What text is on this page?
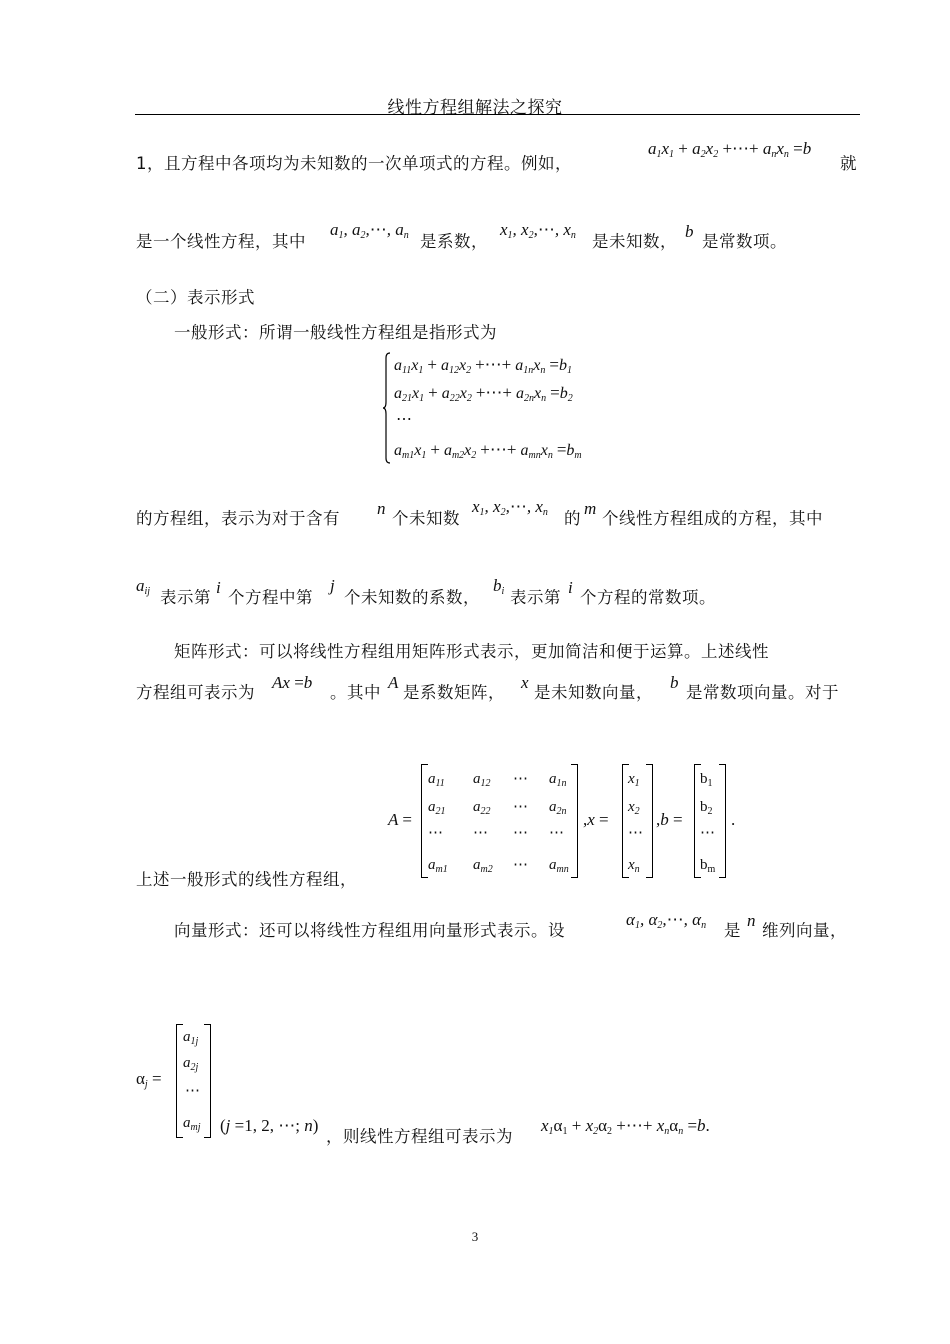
线性方程组解法之探究
1，且方程中各项均为未知数的一次单项式的方程。例如，
$a_1x_1 + a_2x_2$ +⋯+ $a_nx_n =b$
就
是一个线性方程，其中
$a_1$, $a_2,\cdots$, $a_n$ 是系数，
$x_1$, $x_2,\cdots$, $x_n$ 是未知数，
b
是常数项。
（二）表示形式
一般形式：所谓一般线性方程组是指形式为
$a_{11}x_1 + a_{12}x_2$ +⋯+ $a_{1n}x_n =b_1$
$a_{21}x_1 + a_{22}x_2$ +⋯+ $a_{2n}x_n =b_2$
⋯
$a_{m1}x_1 + a_{m2}x_2$ +⋯+ $a_{mn}x_n =b_m$
的方程组，表示为对于含有
n
个未知数
$x_1$, $x_2,\cdots$, $x_n$ 的
m
个线性方程组成的方程，其中
$a_{ij}$ 表示第
i
个方程中第
j
个未知数的系数，
$b_i$ 表示第
i
个方程的常数项。
矩阵形式：可以将线性方程组用矩阵形式表示，更加简洁和便于运算。上述线性
方程组可表示为
Ax =b
。其中
A
是系数矩阵，
x
是未知数向量，
b
是常数项向量。对于
A =
$a_{11}$ $a_{12}$ ⋯ $a_{1n}$
$a_{21}$ $a_{22}$ ⋯ $a_{2n}$
⋯ ⋯ ⋯ ⋯
$a_{m1}$ $a_{m2}$ ⋯ $a_{mn}$
,x =
$x_1$
$x_2$
⋯
$x_n$
,b =
$b_1$
$b_2$
⋯
$b_m$
.
上述一般形式的线性方程组，
向量形式：还可以将线性方程组用向量形式表示。设
$\alpha_1$, $\alpha_2,\cdots$, $\alpha_n$ 是
n
维列向量，
$\alpha_j$ =
$a_{1j}$
$a_{2j}$
⋯
$a_{mj}$ (j =1, 2, ⋯; n)
，则线性方程组可表示为
$x_1\alpha_1 + x_2\alpha_2$ +⋯+ $x_n\alpha_n =b$.
3
